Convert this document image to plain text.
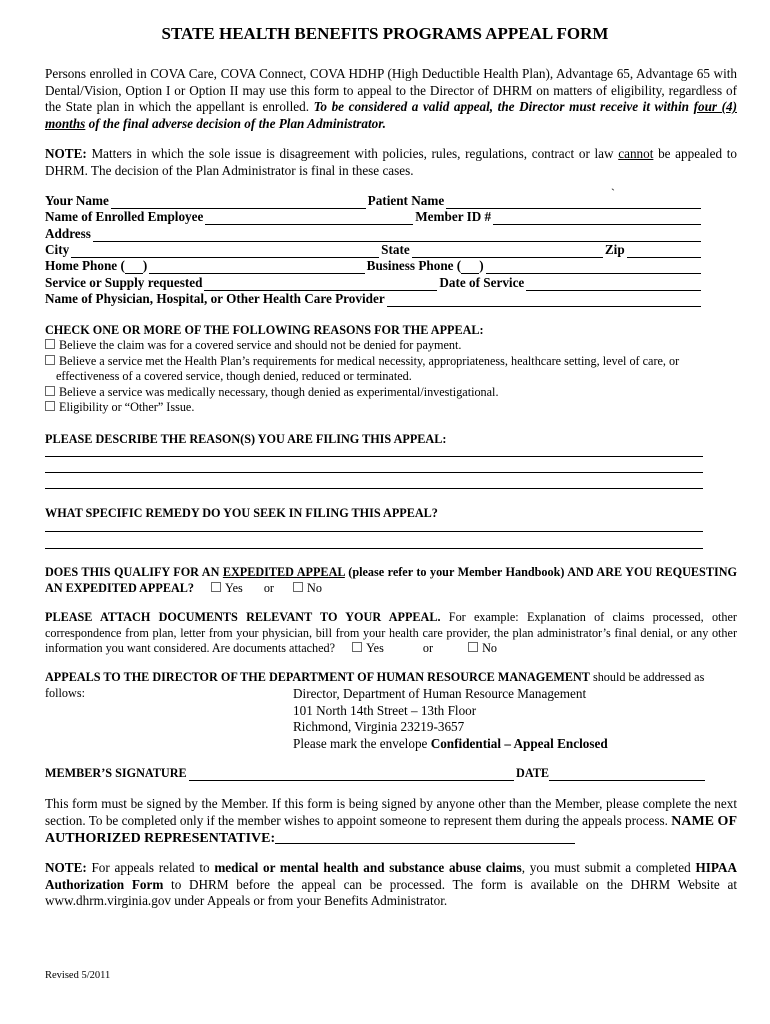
STATE HEALTH BENEFITS PROGRAMS APPEAL FORM
Persons enrolled in COVA Care, COVA Connect, COVA HDHP (High Deductible Health Plan), Advantage 65, Advantage 65 with Dental/Vision, Option I or Option II may use this form to appeal to the Director of DHRM on matters of eligibility, regardless of the State plan in which the appellant is enrolled. To be considered a valid appeal, the Director must receive it within four (4) months of the final adverse decision of the Plan Administrator.
NOTE: Matters in which the sole issue is disagreement with policies, rules, regulations, contract or law cannot be appealed to DHRM. The decision of the Plan Administrator is final in these cases.
Your Name	Patient Name	`
Name of Enrolled Employee	Member ID #
Address
City	State	Zip
Home Phone ( )	Business Phone ( )
Service or Supply requested	Date of Service
Name of Physician, Hospital, or Other Health Care Provider
CHECK ONE OR MORE OF THE FOLLOWING REASONS FOR THE APPEAL:
Believe the claim was for a covered service and should not be denied for payment.
Believe a service met the Health Plan’s requirements for medical necessity, appropriateness, healthcare setting, level of care, or
effectiveness of a covered service, though denied, reduced or terminated.
Believe a service was medically necessary, though denied as experimental/investigational.
Eligibility or “Other” Issue.
PLEASE DESCRIBE THE REASON(S) YOU ARE FILING THIS APPEAL:
WHAT SPECIFIC REMEDY DO YOU SEEK IN FILING THIS APPEAL?
DOES THIS QUALIFY FOR AN EXPEDITED APPEAL (please refer to your Member Handbook) AND ARE YOU REQUESTING AN EXPEDITED APPEAL?	Yes or	No
PLEASE ATTACH DOCUMENTS RELEVANT TO YOUR APPEAL. For example: Explanation of claims processed, other correspondence from plan, letter from your physician, bill from your health care provider, the plan administrator’s final denial, or any other information you want considered. Are documents attached?	Yes	or	No
APPEALS TO THE DIRECTOR OF THE DEPARTMENT OF HUMAN RESOURCE MANAGEMENT should be addressed as
follows:	Director, Department of Human Resource Management
101 North 14th Street – 13th Floor
Richmond, Virginia 23219-3657
Please mark the envelope Confidential – Appeal Enclosed
MEMBER’S SIGNATURE	DATE
This form must be signed by the Member. If this form is being signed by anyone other than the Member, please complete the next section. To be completed only if the member wishes to appoint someone to represent them during the appeals process. NAME OF AUTHORIZED REPRESENTATIVE:
NOTE: For appeals related to medical or mental health and substance abuse claims, you must submit a completed HIPAA Authorization Form to DHRM before the appeal can be processed. The form is available on the DHRM Website at www.dhrm.virginia.gov under Appeals or from your Benefits Administrator.
Revised 5/2011
